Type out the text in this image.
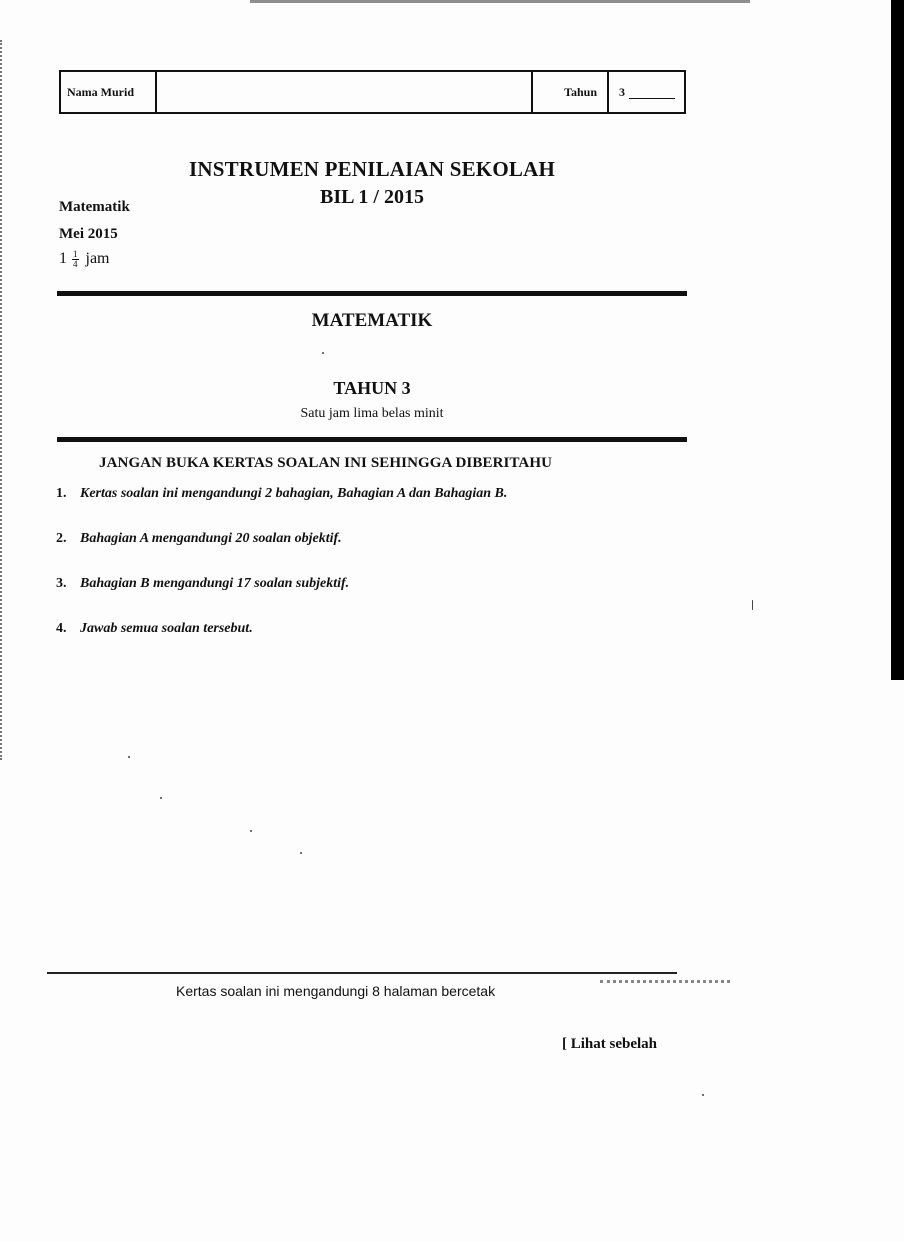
Nama Murid	Tahun	3
INSTRUMEN PENILAIAN SEKOLAH
BIL 1 / 2015
Matematik
Mei 2015
$1 \frac{1}{4}$ jam
MATEMATIK
TAHUN 3
Satu jam lima belas minit
JANGAN BUKA KERTAS SOALAN INI SEHINGGA DIBERITAHU
1. Kertas soalan ini mengandungi 2 bahagian, Bahagian A dan Bahagian B.
2. Bahagian A mengandungi 20 soalan objektif.
3. Bahagian B mengandungi 17 soalan subjektif.
4. Jawab semua soalan tersebut.
Kertas soalan ini mengandungi 8 halaman bercetak
[ Lihat sebelah
